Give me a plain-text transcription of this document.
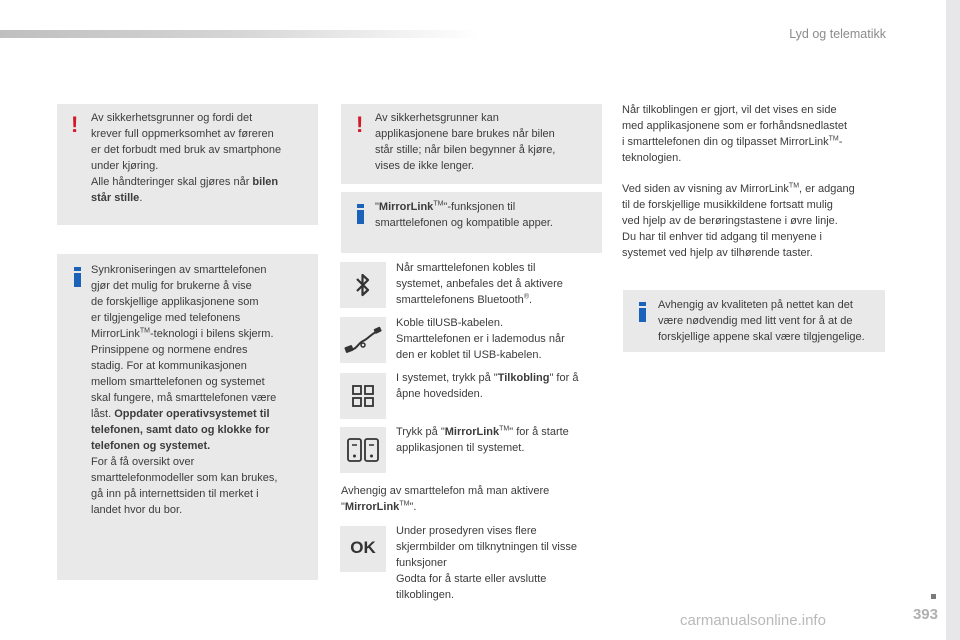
Lyd og telematikk
! Av sikkerhetsgrunner og fordi det
krever full oppmerksomhet av føreren
er det forbudt med bruk av smartphone
under kjøring.
Alle håndteringer skal gjøres når bilen
står stille.
Synkroniseringen av smarttelefonen
gjør det mulig for brukerne å vise
de forskjellige applikasjonene som
er tilgjengelige med telefonens
MirrorLink™-teknologi i bilens skjerm.
Prinsippene og normene endres
stadig. For at kommunikasjonen
mellom smarttelefonen og systemet
skal fungere, må smarttelefonen være
låst. Oppdater operativsystemet til
telefonen, samt dato og klokke for
telefonen og systemet.
For å få oversikt over
smarttelefonmodeller som kan brukes,
gå inn på internettsiden til merket i
landet hvor du bor.
! Av sikkerhetsgrunner kan
applikasjonene bare brukes når bilen
står stille; når bilen begynner å kjøre,
vises de ikke lenger.
"MirrorLink™"-funksjonen til
smarttelefonen og kompatible apper.
Når smarttelefonen kobles til
systemet, anbefales det å aktivere
smarttelefonens Bluetooth®.
Koble tilUSB-kabelen.
Smarttelefonen er i lademodus når
den er koblet til USB-kabelen.
I systemet, trykk på "Tilkobling" for å
åpne hovedsiden.
Trykk på "MirrorLink™" for å starte
applikasjonen til systemet.
Avhengig av smarttelefon må man aktivere
"MirrorLink™".
OK
Under prosedyren vises flere
skjermbilder om tilknytningen til visse
funksjoner
Godta for å starte eller avslutte
tilkoblingen.
Når tilkoblingen er gjort, vil det vises en side
med applikasjonene som er forhåndsnedlastet
i smarttelefonen din og tilpasset MirrorLink™-
teknologien.
Ved siden av visning av MirrorLink™, er adgang
til de forskjellige musikkildene fortsatt mulig
ved hjelp av de berøringstastene i øvre linje.
Du har til enhver tid adgang til menyene i
systemet ved hjelp av tilhørende taster.
Avhengig av kvaliteten på nettet kan det
være nødvendig med litt vent for å at de
forskjellige appene skal være tilgjengelige.
393
carmanualsonline.info
